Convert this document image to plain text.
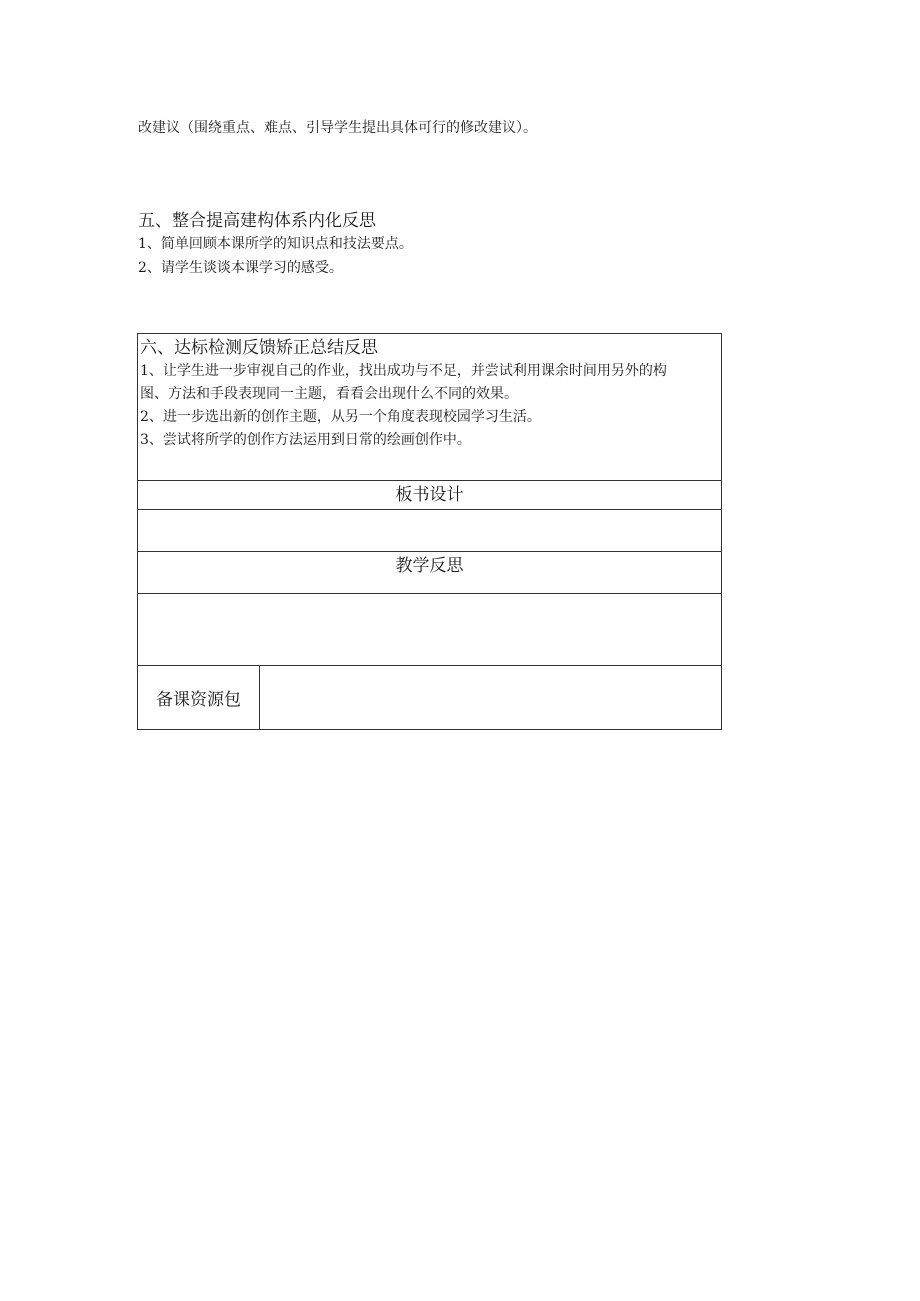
改建议（围绕重点、难点、引导学生提出具体可行的修改建议）。
五、整合提高建构体系内化反思
1、简单回顾本课所学的知识点和技法要点。
2、请学生谈谈本课学习的感受。
六、达标检测反馈矫正总结反思
1、让学生进一步审视自己的作业，找出成功与不足，并尝试利用课余时间用另外的构
图、方法和手段表现同一主题，看看会出现什么不同的效果。
2、进一步选出新的创作主题，从另一个角度表现校园学习生活。
3、尝试将所学的创作方法运用到日常的绘画创作中。

板书设计

教学反思

备课资源包	
